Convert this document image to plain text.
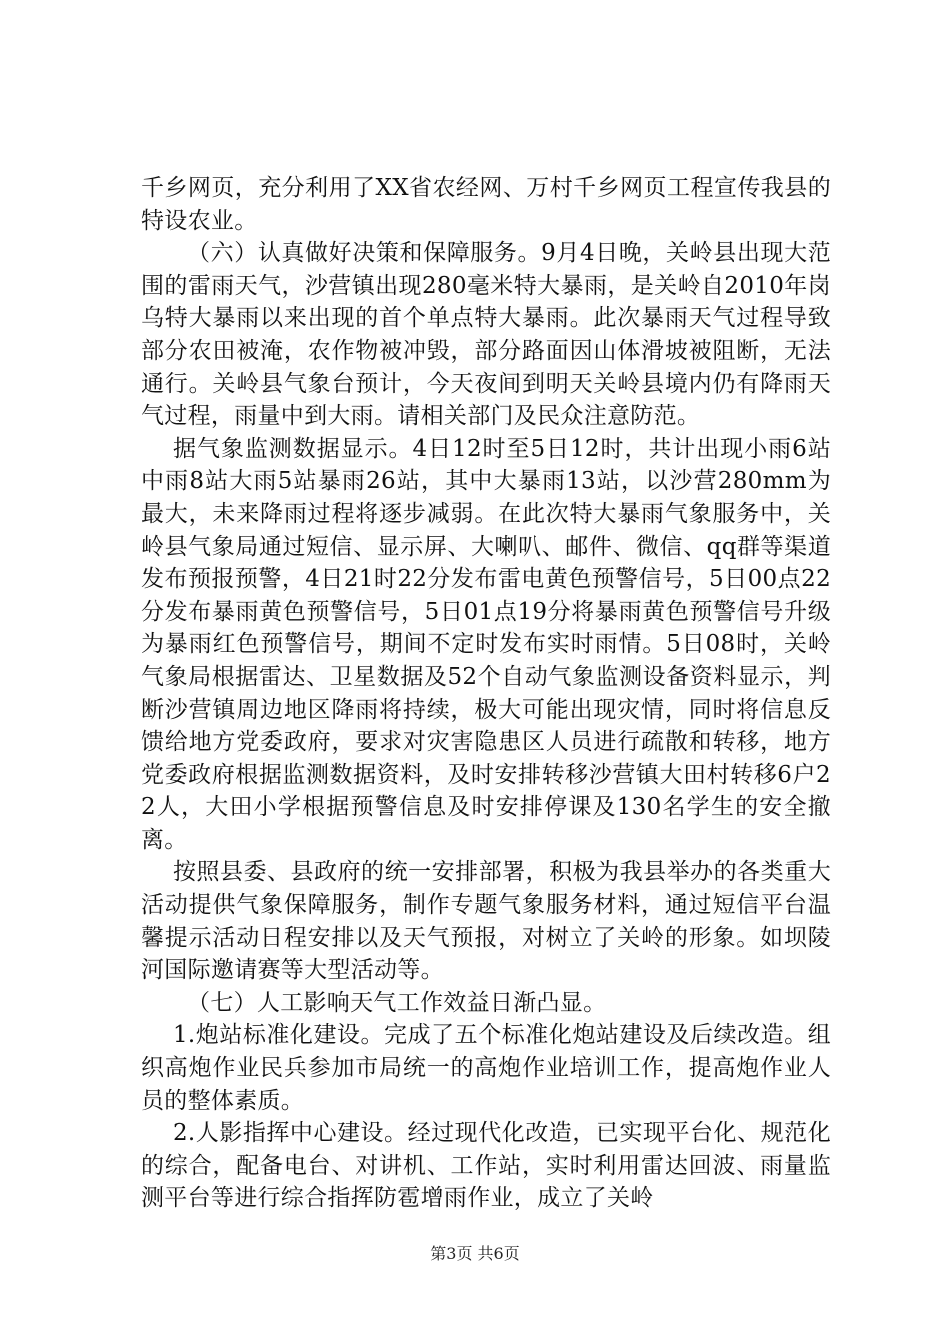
千乡网页，充分利用了XX省农经网、万村千乡网页工程宣传我县的特设农业。

（六）认真做好决策和保障服务。9月4日晚，关岭县出现大范围的雷雨天气，沙营镇出现280毫米特大暴雨，是关岭自2010年岗乌特大暴雨以来出现的首个单点特大暴雨。此次暴雨天气过程导致部分农田被淹，农作物被冲毁，部分路面因山体滑坡被阻断，无法通行。关岭县气象台预计，今天夜间到明天关岭县境内仍有降雨天气过程，雨量中到大雨。请相关部门及民众注意防范。

据气象监测数据显示。4日12时至5日12时，共计出现小雨6站中雨8站大雨5站暴雨26站，其中大暴雨13站，以沙营280mm为最大，未来降雨过程将逐步减弱。在此次特大暴雨气象服务中，关岭县气象局通过短信、显示屏、大喇叭、邮件、微信、qq群等渠道发布预报预警，4日21时22分发布雷电黄色预警信号，5日00点22分发布暴雨黄色预警信号，5日01点19分将暴雨黄色预警信号升级为暴雨红色预警信号，期间不定时发布实时雨情。5日08时，关岭气象局根据雷达、卫星数据及52个自动气象监测设备资料显示，判断沙营镇周边地区降雨将持续，极大可能出现灾情，同时将信息反馈给地方党委政府，要求对灾害隐患区人员进行疏散和转移，地方党委政府根据监测数据资料，及时安排转移沙营镇大田村转移6户22人，大田小学根据预警信息及时安排停课及130名学生的安全撤离。

按照县委、县政府的统一安排部署，积极为我县举办的各类重大活动提供气象保障服务，制作专题气象服务材料，通过短信平台温馨提示活动日程安排以及天气预报，对树立了关岭的形象。如坝陵河国际邀请赛等大型活动等。

（七）人工影响天气工作效益日渐凸显。

1.炮站标准化建设。完成了五个标准化炮站建设及后续改造。组织高炮作业民兵参加市局统一的高炮作业培训工作，提高炮作业人员的整体素质。

2.人影指挥中心建设。经过现代化改造，已实现平台化、规范化的综合，配备电台、对讲机、工作站，实时利用雷达回波、雨量监测平台等进行综合指挥防雹增雨作业，成立了关岭

第3页 共6页
